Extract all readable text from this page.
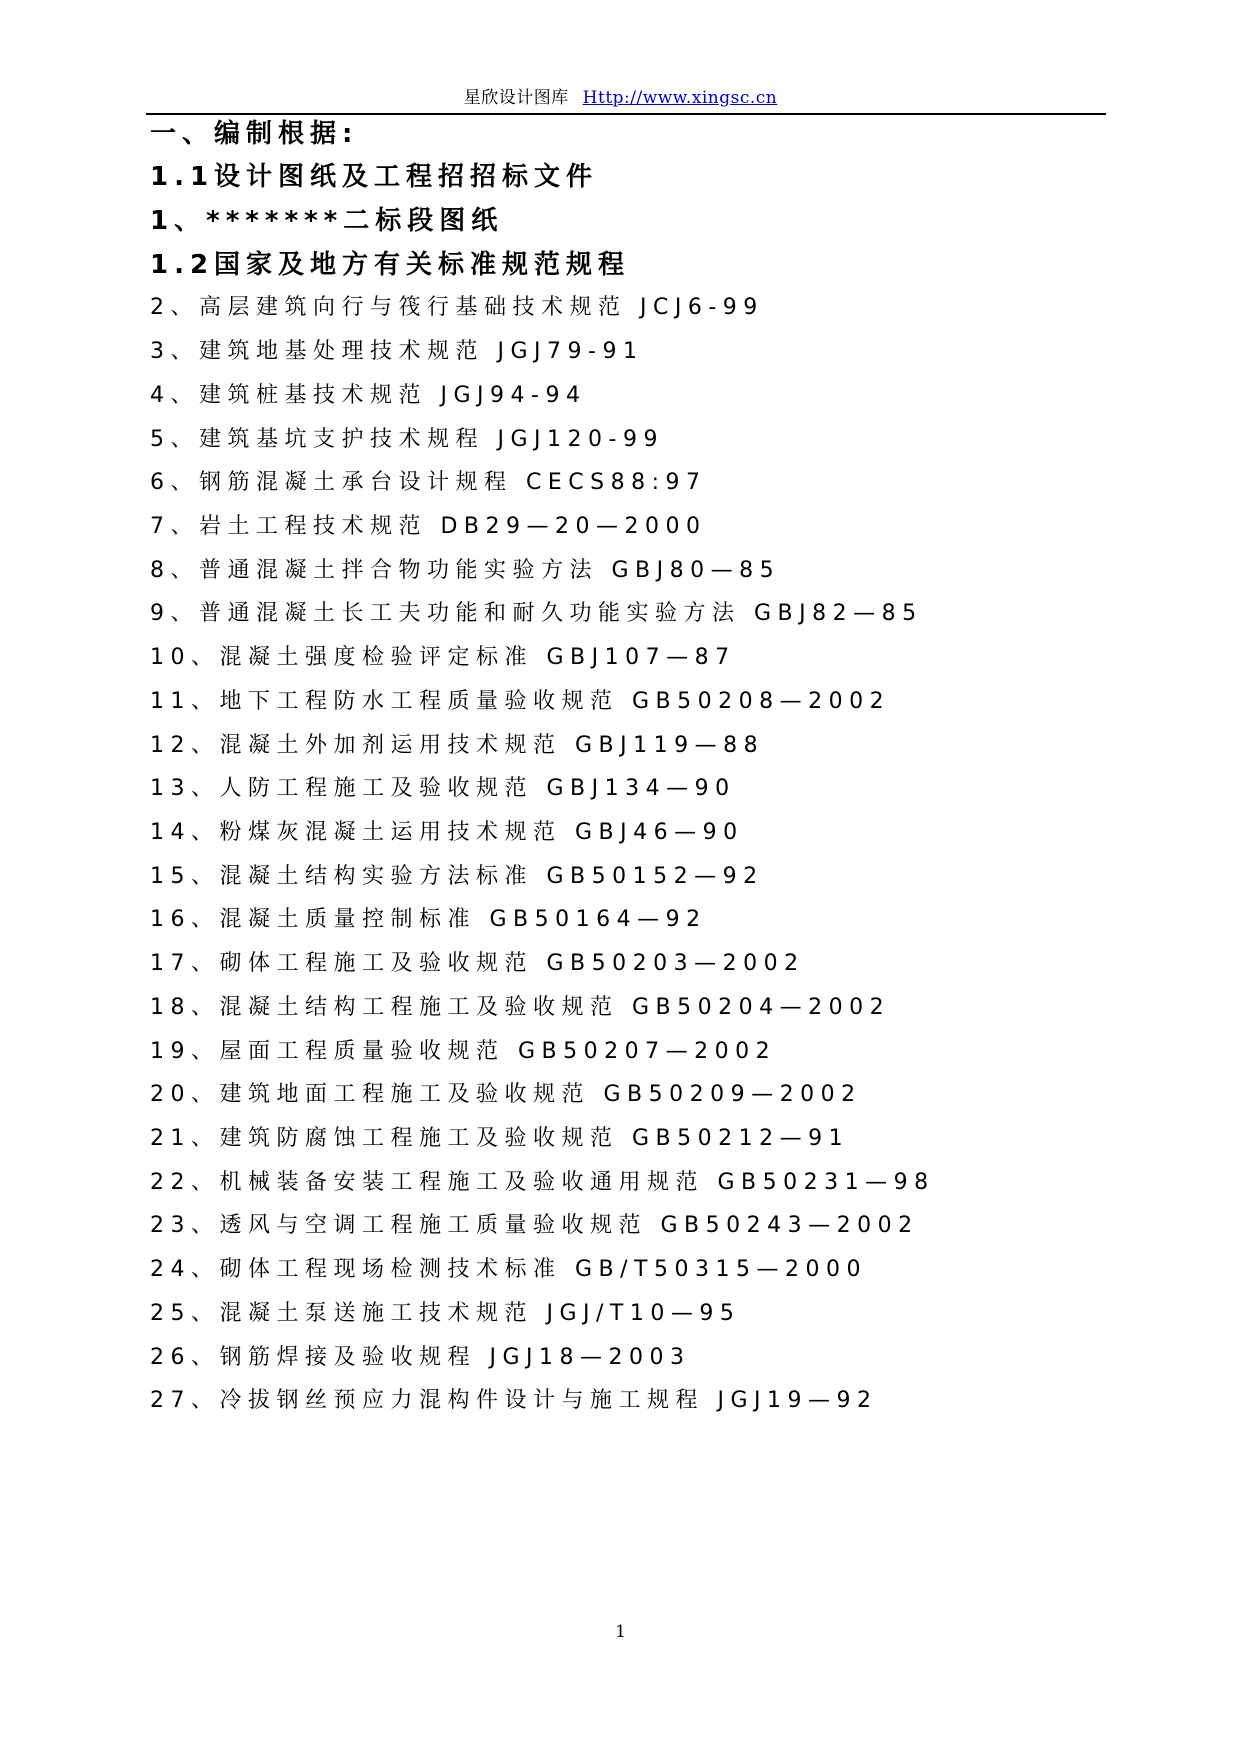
星欣设计图库 Http://www.xingsc.cn
一、编制根据:
1.1设计图纸及工程招招标文件
1、*******二标段图纸
1.2国家及地方有关标准规范规程
2、高层建筑向行与筏行基础技术规范 JCJ6-99
3、建筑地基处理技术规范 JGJ79-91
4、建筑桩基技术规范 JGJ94-94
5、建筑基坑支护技术规程 JGJ120-99
6、钢筋混凝土承台设计规程 CECS88:97
7、岩土工程技术规范 DB29—20—2000
8、普通混凝土拌合物功能实验方法 GBJ80—85
9、普通混凝土长工夫功能和耐久功能实验方法 GBJ82—85
10、混凝土强度检验评定标准 GBJ107—87
11、地下工程防水工程质量验收规范 GB50208—2002
12、混凝土外加剂运用技术规范 GBJ119—88
13、人防工程施工及验收规范 GBJ134—90
14、粉煤灰混凝土运用技术规范 GBJ46—90
15、混凝土结构实验方法标准 GB50152—92
16、混凝土质量控制标准 GB50164—92
17、砌体工程施工及验收规范 GB50203—2002
18、混凝土结构工程施工及验收规范 GB50204—2002
19、屋面工程质量验收规范 GB50207—2002
20、建筑地面工程施工及验收规范 GB50209—2002
21、建筑防腐蚀工程施工及验收规范 GB50212—91
22、机械装备安装工程施工及验收通用规范 GB50231—98
23、透风与空调工程施工质量验收规范 GB50243—2002
24、砌体工程现场检测技术标准 GB/T50315—2000
25、混凝土泵送施工技术规范 JGJ/T10—95
26、钢筋焊接及验收规程 JGJ18—2003
27、冷拔钢丝预应力混构件设计与施工规程 JGJ19—92
1
